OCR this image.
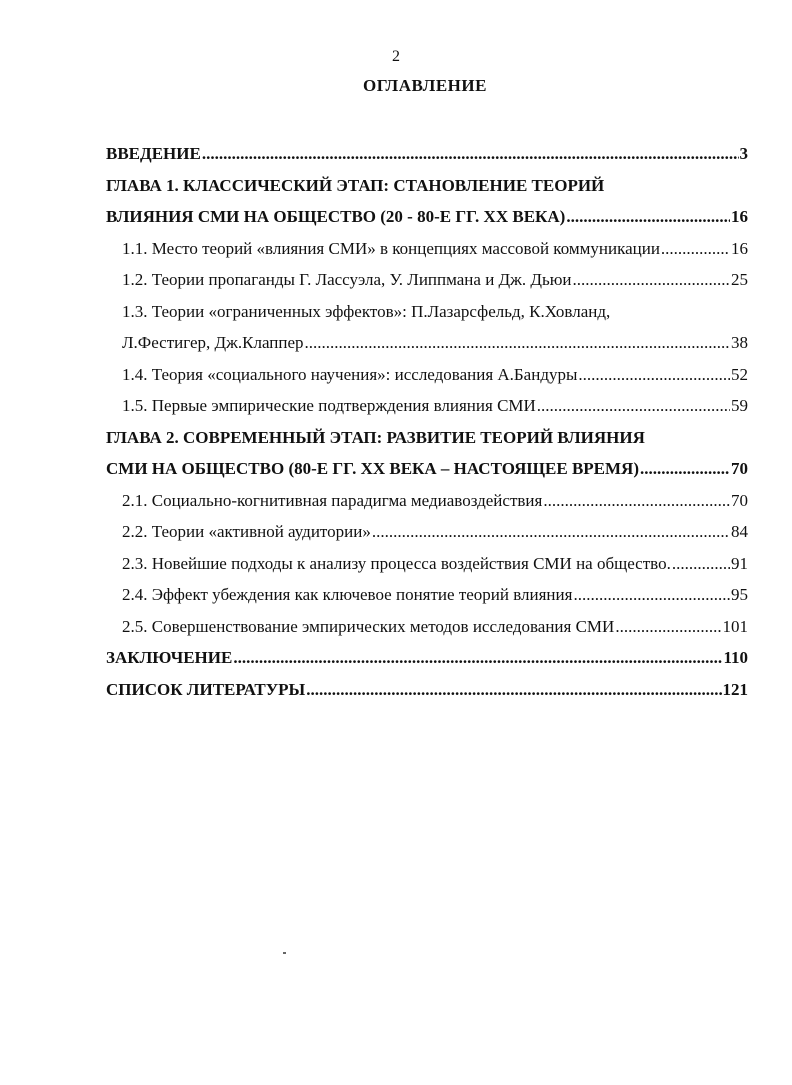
2
ОГЛАВЛЕНИЕ
ВВЕДЕНИЕ .....	3
ГЛАВА 1. КЛАССИЧЕСКИЙ ЭТАП: СТАНОВЛЕНИЕ ТЕОРИЙ
ВЛИЯНИЯ СМИ НА ОБЩЕСТВО (20 - 80-Е ГГ. XX ВЕКА) .....	16
1.1. Место теорий «влияния СМИ» в концепциях массовой коммуникации .....	16
1.2. Теории пропаганды Г. Лассуэла, У. Липпмана и Дж. Дьюи .....	25
1.3. Теории «ограниченных эффектов»: П.Лазарсфельд, К.Ховланд,
Л.Фестигер, Дж.Клаппер .....	38
1.4. Теория «социального научения»: исследования А.Бандуры .....	52
1.5. Первые эмпирические подтверждения влияния СМИ .....	59
ГЛАВА 2. СОВРЕМЕННЫЙ ЭТАП: РАЗВИТИЕ ТЕОРИЙ ВЛИЯНИЯ
СМИ НА ОБЩЕСТВО (80-Е ГГ. XX ВЕКА – НАСТОЯЩЕЕ ВРЕМЯ) .....	70
2.1. Социально-когнитивная парадигма медиавоздействия .....	70
2.2. Теории «активной аудитории» .....	84
2.3. Новейшие подходы к анализу процесса воздействия СМИ на общество. .....	91
2.4. Эффект убеждения как ключевое понятие теорий влияния .....	95
2.5. Совершенствование эмпирических методов исследования СМИ .....	101
ЗАКЛЮЧЕНИЕ .....	110
СПИСОК ЛИТЕРАТУРЫ .....	121
